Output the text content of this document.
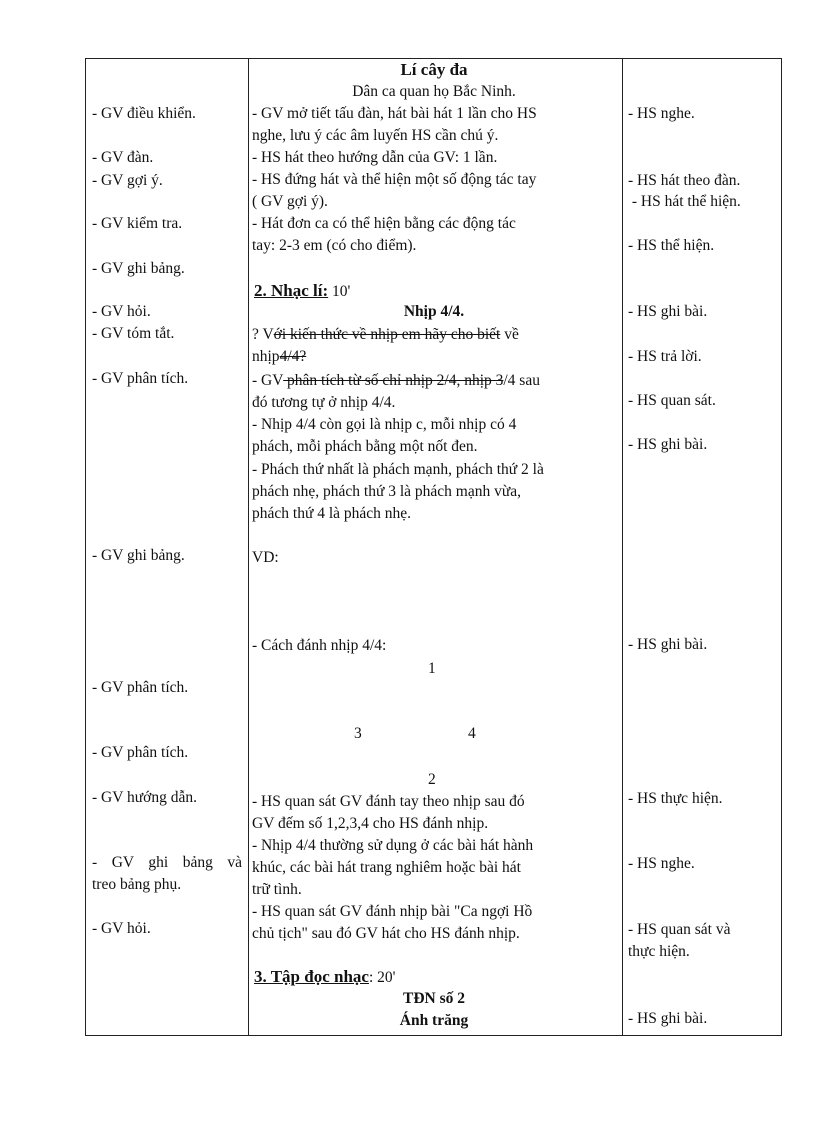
- GV điều khiển.
- GV đàn.
- GV gợi ý.
- GV kiểm tra.
- GV ghi bảng.
- GV hỏi.
- GV tóm tắt.
- GV phân tích.
- GV ghi bảng.
- GV phân tích.
- GV phân tích.
- GV hướng dẫn.
- GV ghi bảng và
treo bảng phụ.
- GV hỏi.
Lí cây đa
Dân ca quan họ Bắc Ninh.
- GV mở tiết tấu đàn, hát bài hát 1 lần cho HS
nghe, lưu ý các âm luyến HS cần chú ý.
- HS hát theo hướng dẫn của GV: 1 lần.
- HS đứng hát và thể hiện một số động tác tay
( GV gợi ý).
- Hát đơn ca có thể hiện bằng các động tác
tay: 2-3 em (có cho điểm).
2. Nhạc lí: 10'
Nhịp 4/4.
? Với kiến thức về nhịp em hãy cho biết về
nhịp4/4?
- GV phân tích từ số chỉ nhịp 2/4, nhịp 3/4 sau
đó tương tự ở nhịp 4/4.
- Nhịp 4/4 còn gọi là nhịp c, mỗi nhịp có 4
phách, mỗi phách bằng một nốt đen.
- Phách thứ nhất là phách mạnh, phách thứ 2 là
phách nhẹ, phách thứ 3 là phách mạnh vừa,
phách thứ 4 là phách nhẹ.
VD:
- Cách đánh nhịp 4/4:
1
3	4
2
- HS quan sát GV đánh tay theo nhịp sau đó
GV đếm số 1,2,3,4 cho HS đánh nhịp.
- Nhịp 4/4 thường sử dụng ở các bài hát hành
khúc, các bài hát trang nghiêm hoặc bài hát
trữ tình.
- HS quan sát GV đánh nhịp bài "Ca ngợi Hồ
chủ tịch" sau đó GV hát cho HS đánh nhịp.
3. Tập đọc nhạc: 20'
TĐN số 2
Ánh trăng
- HS nghe.
- HS hát theo đàn.
- HS hát thể hiện.
- HS thể hiện.
- HS ghi bài.
- HS trả lời.
- HS quan sát.
- HS ghi bài.
- HS ghi bài.
- HS thực hiện.
- HS nghe.
- HS quan sát và
thực hiện.
- HS ghi bài.
